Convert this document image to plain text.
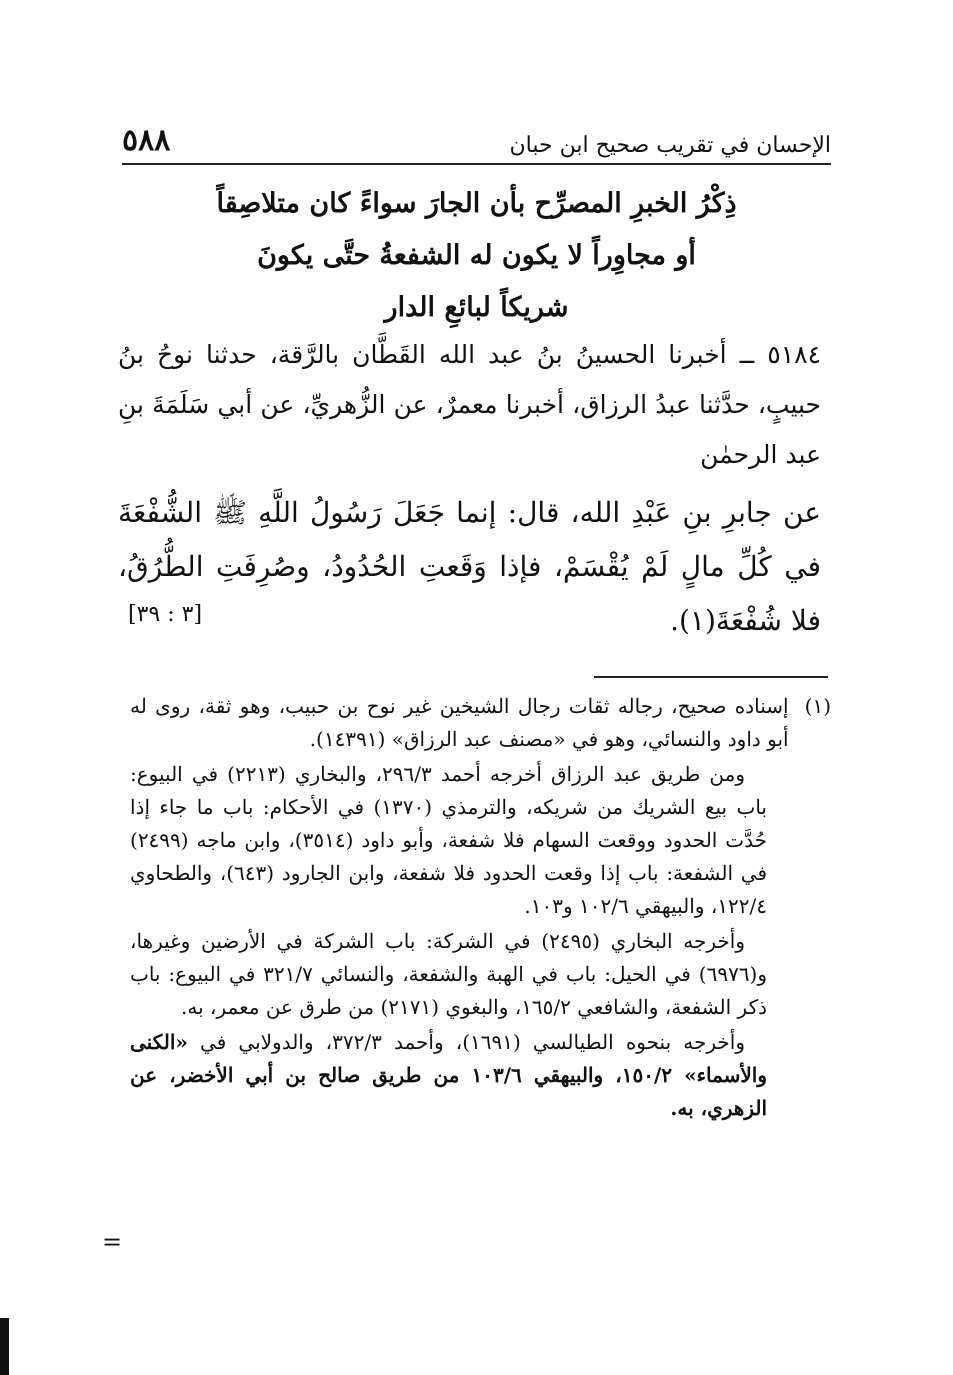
الإحسان في تقريب صحيح ابن حبان
٥٨٨
ذِكْرُ الخبرِ المصرِّح بأن الجارَ سواءً كان متلاصِقاً
أو مجاوِراً لا يكون له الشفعةُ حتَّى يكونَ
شريكاً لبائعِ الدار
٥١٨٤ ــ أخبرنا الحسينُ بنُ عبد الله القَطَّان بالرَّقة، حدثنا نوحُ بنُ حبيبٍ، حدَّثنا عبدُ الرزاق، أخبرنا معمرٌ، عن الزُّهريِّ، عن أبي سَلَمَةَ بنِ عبد الرحمٰن
عن جابرِ بنِ عَبْدِ الله، قال: إنما جَعَلَ رَسُولُ اللَّهِ ﷺ الشُّفْعَةَ في كُلِّ مالٍ لَمْ يُقْسَمْ، فإذا وَقَعتِ الحُدُودُ، وصُرِفَتِ الطُّرُقُ، فلا شُفْعَةَ(١).
[٣ : ٣٩]
(١)
إسناده صحيح، رجاله ثقات رجال الشيخين غير نوح بن حبيب، وهو ثقة، روى له أبو داود والنسائي، وهو في «مصنف عبد الرزاق» (١٤٣٩١).
ومن طريق عبد الرزاق أخرجه أحمد ٢٩٦/٣، والبخاري (٢٢١٣) في البيوع: باب بيع الشريك من شريكه، والترمذي (١٣٧٠) في الأحكام: باب ما جاء إذا حُدَّت الحدود ووقعت السهام فلا شفعة، وأبو داود (٣٥١٤)، وابن ماجه (٢٤٩٩) في الشفعة: باب إذا وقعت الحدود فلا شفعة، وابن الجارود (٦٤٣)، والطحاوي ١٢٢/٤، والبيهقي ١٠٢/٦ و١٠٣.
وأخرجه البخاري (٢٤٩٥) في الشركة: باب الشركة في الأرضين وغيرها، و(٦٩٧٦) في الحيل: باب في الهبة والشفعة، والنسائي ٣٢١/٧ في البيوع: باب ذكر الشفعة، والشافعي ١٦٥/٢، والبغوي (٢١٧١) من طرق عن معمر، به.
وأخرجه بنحوه الطيالسي (١٦٩١)، وأحمد ٣٧٢/٣، والدولابي في «الكنى والأسماء» ١٥٠/٢، والبيهقي ١٠٣/٦ من طريق صالح بن أبي الأخضر، عن الزهري، به.
=
